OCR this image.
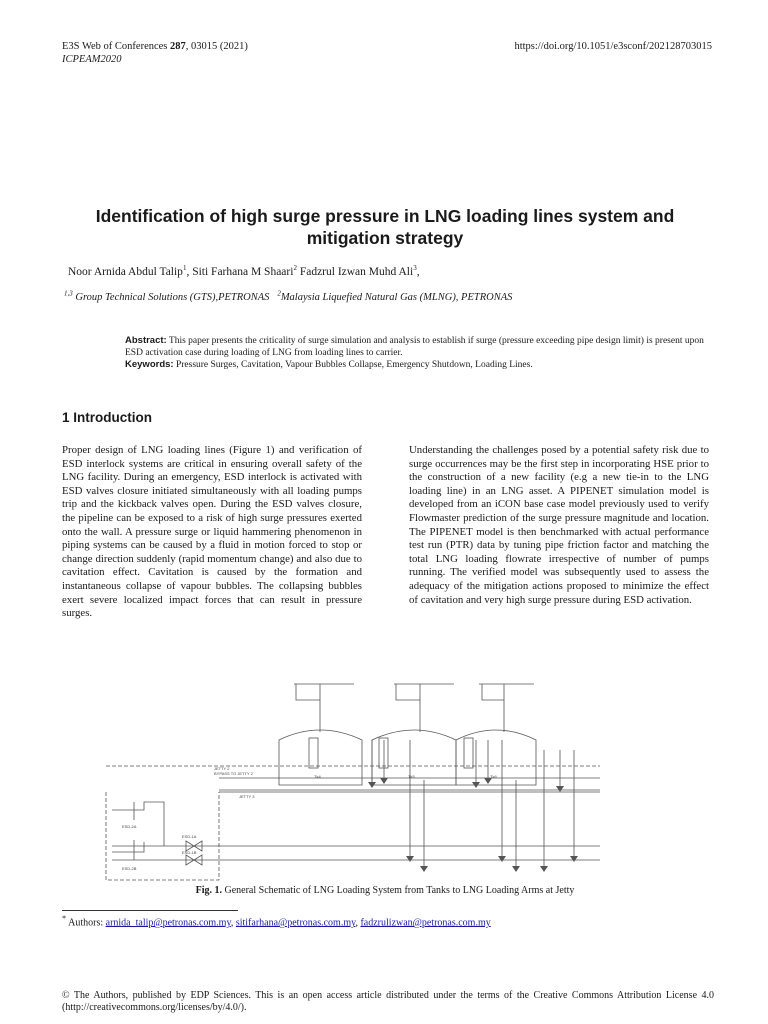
E3S Web of Conferences 287, 03015 (2021)
ICPEAM2020
https://doi.org/10.1051/e3sconf/202128703015
Identification of high surge pressure in LNG loading lines system and mitigation strategy
Noor Arnida Abdul Talip$^1$, Siti Farhana M Shaari$^2$ Fadzrul Izwan Muhd Ali$^3$,
$^{1,3}$ Group Technical Solutions (GTS),PETRONAS $^2$Malaysia Liquefied Natural Gas (MLNG), PETRONAS
Abstract: This paper presents the criticality of surge simulation and analysis to establish if surge (pressure exceeding pipe design limit) is present upon ESD activation case during loading of LNG from loading lines to carrier.
Keywords: Pressure Surges, Cavitation, Vapour Bubbles Collapse, Emergency Shutdown, Loading Lines.
1 Introduction
Proper design of LNG loading lines (Figure 1) and verification of ESD interlock systems are critical in ensuring overall safety of the LNG facility. During an emergency, ESD interlock is activated with ESD valves closure initiated simultaneously with all loading pumps trip and the kickback valves open. During the ESD valves closure, the pipeline can be exposed to a risk of high surge pressures exerted onto the wall. A pressure surge or liquid hammering phenomenon in piping systems can be caused by a fluid in motion forced to stop or change direction suddenly (rapid momentum change) and also due to cavitation effect. Cavitation is caused by the formation and instantaneous collapse of vapour bubbles. The collapsing bubbles exert severe localized impact forces that can result in pressure surges.
Understanding the challenges posed by a potential safety risk due to surge occurrences may be the first step in incorporating HSE prior to the construction of a new facility (e.g a new tie-in to the LNG loading line) in an LNG asset. A PIPENET simulation model is developed from an iCON base case model previously used to verify Flowmaster prediction of the surge pressure magnitude and location. The PIPENET model is then benchmarked with actual performance test run (PTR) data by tuning pipe friction factor and matching the total LNG loading flowrate irrespective of number of pumps running. The verified model was subsequently used to assess the adequacy of the mitigation actions proposed to minimize the effect of cavitation and very high surge pressure during ESD activation.
Tk4	Tk5	Tk6
JETTY 2
BYPASS TO JETTY 2
JETTY 3
ESD-2A
ESD-2B
ESD-1A
ESD-1B
Fig. 1. General Schematic of LNG Loading System from Tanks to LNG Loading Arms at Jetty
* Authors: arnida_talip@petronas.com.my, sitifarhana@petronas.com.my, fadzrulizwan@petronas.com.my
© The Authors, published by EDP Sciences. This is an open access article distributed under the terms of the Creative Commons Attribution License 4.0 (http://creativecommons.org/licenses/by/4.0/).
